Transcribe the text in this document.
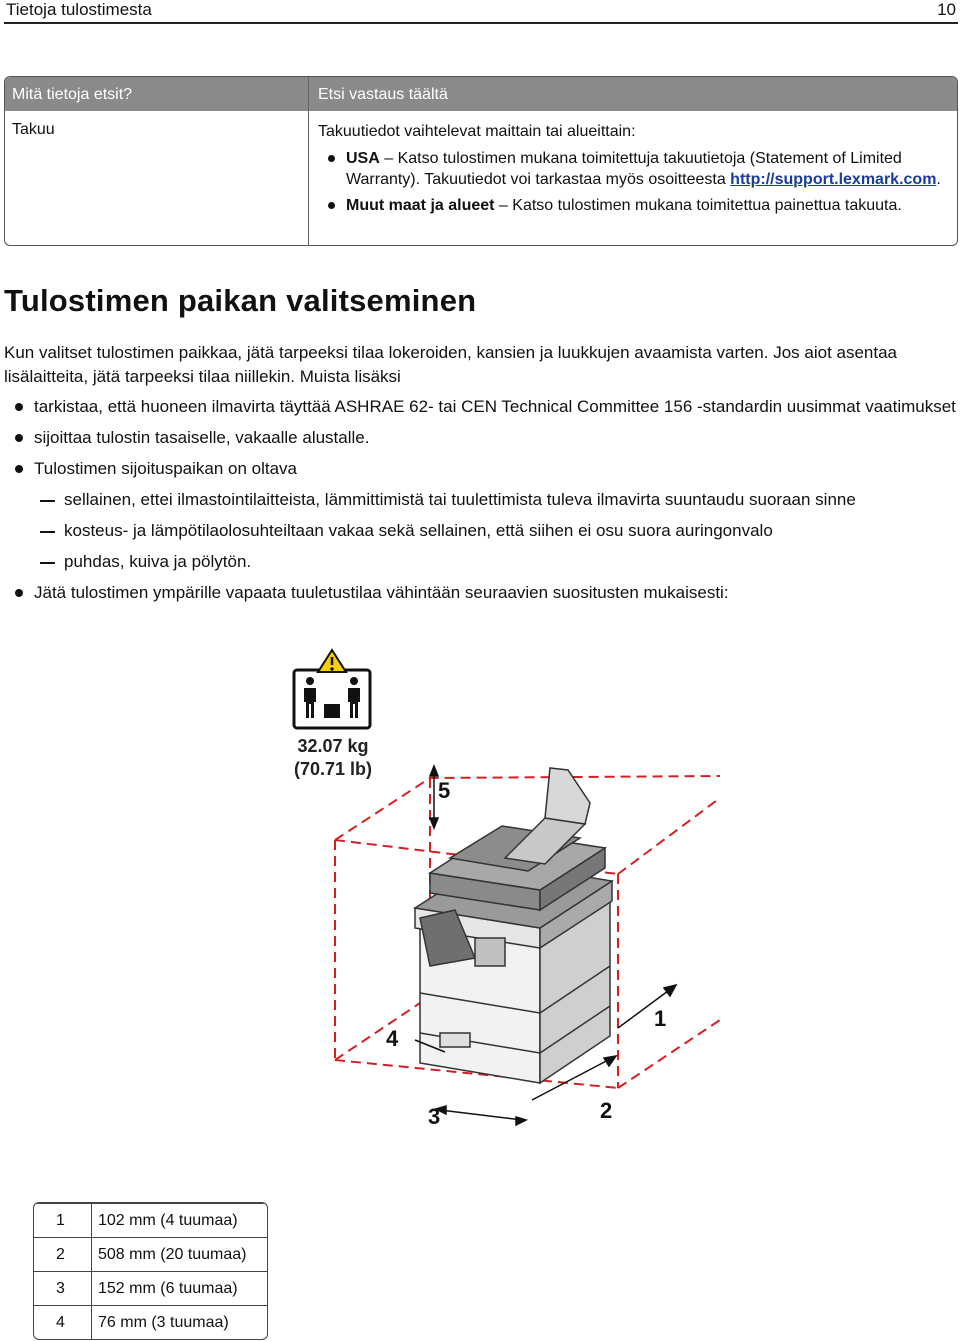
Tietoja tulostimesta	10
Mitä tietoja etsit?	Etsi vastaus täältä
Takuu	Takuutiedot vaihtelevat maittain tai alueittain:
USA – Katso tulostimen mukana toimitettuja takuutietoja (Statement of Limited Warranty). Takuutiedot voi tarkastaa myös osoitteesta http://support.lexmark.com.
Muut maat ja alueet – Katso tulostimen mukana toimitettua painettua takuuta.
Tulostimen paikan valitseminen
Kun valitset tulostimen paikkaa, jätä tarpeeksi tilaa lokeroiden, kansien ja luukkujen avaamista varten. Jos aiot asentaa lisälaitteita, jätä tarpeeksi tilaa niillekin. Muista lisäksi
tarkistaa, että huoneen ilmavirta täyttää ASHRAE 62- tai CEN Technical Committee 156 -standardin uusimmat vaatimukset
sijoittaa tulostin tasaiselle, vakaalle alustalle.
Tulostimen sijoituspaikan on oltava
sellainen, ettei ilmastointilaitteista, lämmittimistä tai tuulettimista tuleva ilmavirta suuntaudu suoraan sinne
kosteus- ja lämpötilaolosuhteiltaan vakaa sekä sellainen, että siihen ei osu suora auringonvalo
puhdas, kuiva ja pölytön.
Jätä tulostimen ympärille vapaata tuuletustilaa vähintään seuraavien suositusten mukaisesti:
32.07 kg
(70.71 lb)
5
4
1
2
3
1 102 mm (4 tuumaa)
2 508 mm (20 tuumaa)
3 152 mm (6 tuumaa)
4 76 mm (3 tuumaa)
